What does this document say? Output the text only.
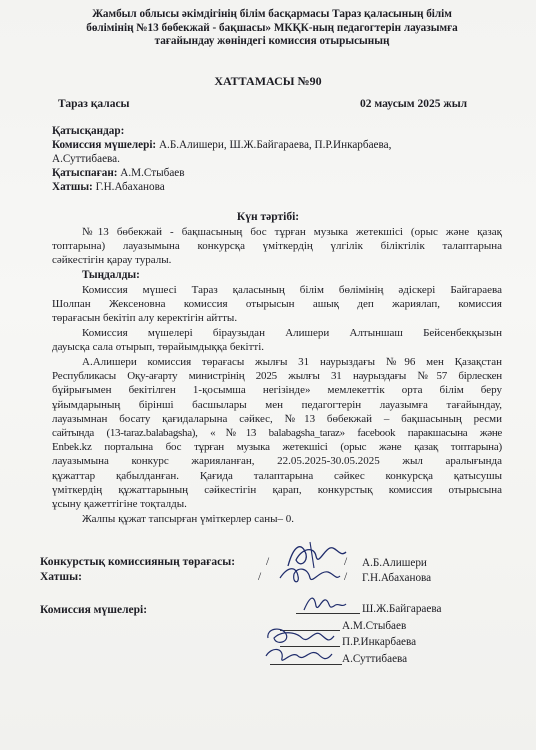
Жамбыл облысы әкімдігінің білім басқармасы Тараз қаласының білім
бөлімінің №13 бөбекжай - бақшасы» МКҚК-ның педагогтерін лауазымға
тағайындау жөніндегі комиссия отырысының
ХАТТАМАСЫ №90
Тараз қаласы	02 маусым 2025 жыл
Қатысқандар:
Комиссия мүшелері: А.Б.Алишери, Ш.Ж.Байгараева, П.Р.Инкарбаева,
А.Суттибаева.
Қатыспаған: А.М.Стыбаев
Хатшы: Г.Н.Абаханова
Күн тәртібі:
№13 бөбекжай - бақшасының бос тұрған музыка жетекшісі (орыс және қазақ
топтарына) лауазымына конкурсқа үміткердің үлгілік біліктілік талаптарына
сәйкестігін қарау туралы.
Тыңдалды:
Комиссия мүшесі Тараз қаласының білім бөлімінің әдіскері Байгараева
Шолпан Жексеновна комиссия отырысын ашық деп жариялап, комиссия
төрағасын бекітіп алу керектігін айтты.
Комиссия мүшелері біраузыдан Алишери Алтыншаш Бейсенбекқызын
дауысқа сала отырып, төрайымдыққа бекітті.
А.Алишери комиссия төрағасы жылғы 31 наурыздағы №96 мен Қазақстан
Республикасы Оқу-ағарту министрінің 2025 жылғы 31 наурыздағы №57 бірлескен
бұйрығымен бекітілген 1-қосымша негізінде» мемлекеттік орта білім беру
ұйымдарының бірінші басшылары мен педагогтерін лауазымға тағайындау,
лауазымнан босату қағидаларына сәйкес, №13 бөбекжай – бақшасының ресми
сайтында (13-taraz.balabagsha), «№13 balabagsha_taraz» facebook паракшасына және
Enbek.kz порталына бос тұрған музыка жетекшісі (орыс және қазақ топтарына)
лауазымына конкурс жарияланған, 22.05.2025-30.05.2025 жыл аралығында
құжаттар қабылданған. Қағида талаптарына сәйкес конкурсқа қатысушы
үміткердің құжаттарының сәйкестігін қарап, конкурстық комиссия отырысына
ұсыну қажеттігіне тоқталды.
Жалпы құжат тапсырған үміткерлер саны– 0.
Конкурстық комиссияның төрағасы:	/	/ А.Б.Алишери
Хатшы:	/	/ Г.Н.Абаханова
Комиссия мүшелері:	Ш.Ж.Байгараева
А.М.Стыбаев
П.Р.Инкарбаева
А.Суттибаева
